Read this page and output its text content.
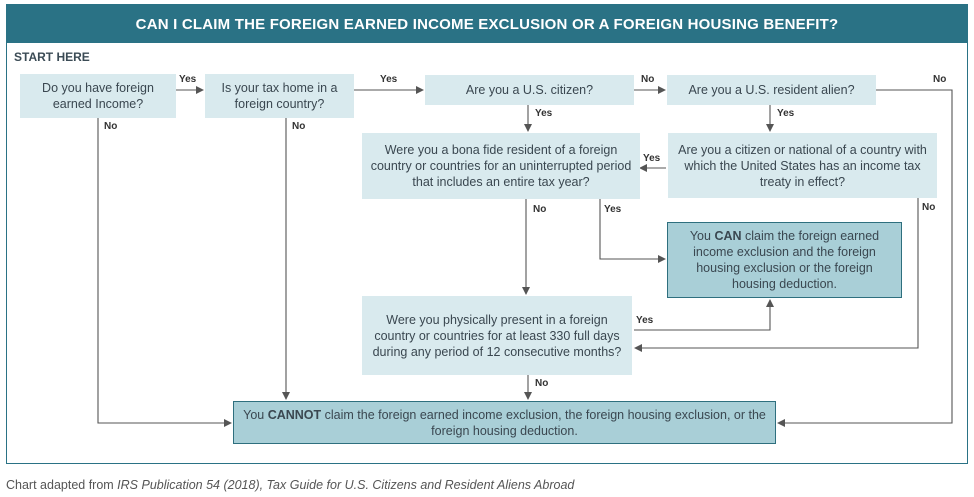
CAN I CLAIM THE FOREIGN EARNED INCOME EXCLUSION OR A FOREIGN HOUSING BENEFIT?
START HERE
Do you have foreign earned Income?
Is your tax home in a foreign country?
Are you a U.S. citizen?	Are you a U.S. resident alien?
Were you a bona fide resident of a foreign country or countries for an uninterrupted period that includes an entire tax year?
Are you a citizen or national of a country with which the United States has an income tax treaty in effect?
You CAN claim the foreign earned income exclusion and the foreign housing exclusion or the foreign housing deduction.
Were you physically present in a foreign country or countries for at least 330 full days during any period of 12 consecutive months?
You CANNOT claim the foreign earned income exclusion, the foreign housing exclusion, or the foreign housing deduction.
Yes	Yes	No	No
Yes	Yes
No	No
Yes
No	Yes	No
Yes
No
Chart adapted from IRS Publication 54 (2018), Tax Guide for U.S. Citizens and Resident Aliens Abroad
